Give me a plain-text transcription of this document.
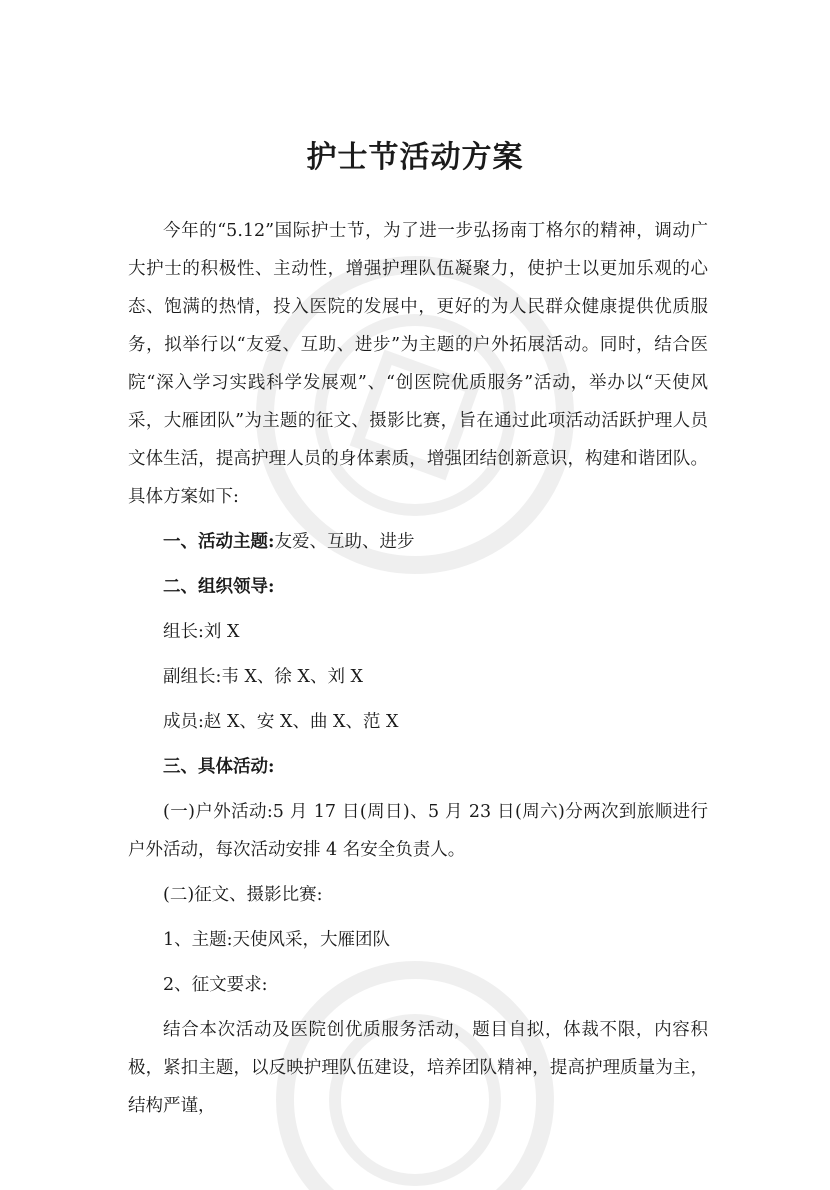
护士节活动方案

今年的“5.12”国际护士节，为了进一步弘扬南丁格尔的精神，调动广大护士的积极性、主动性，增强护理队伍凝聚力，使护士以更加乐观的心态、饱满的热情，投入医院的发展中，更好的为人民群众健康提供优质服务，拟举行以“友爱、互助、进步”为主题的户外拓展活动。同时，结合医院“深入学习实践科学发展观”、“创医院优质服务”活动，举办以“天使风采，大雁团队”为主题的征文、摄影比赛，旨在通过此项活动活跃护理人员文体生活，提高护理人员的身体素质，增强团结创新意识，构建和谐团队。具体方案如下:

一、活动主题:友爱、互助、进步

二、组织领导:

组长:刘 X

副组长:韦 X、徐 X、刘 X

成员:赵 X、安 X、曲 X、范 X

三、具体活动:

(一)户外活动:5 月 17 日(周日)、5 月 23 日(周六)分两次到旅顺进行户外活动，每次活动安排 4 名安全负责人。

(二)征文、摄影比赛:

1、主题:天使风采，大雁团队

2、征文要求:

结合本次活动及医院创优质服务活动，题目自拟，体裁不限，内容积极，紧扣主题，以反映护理队伍建设，培养团队精神，提高护理质量为主，结构严谨，
